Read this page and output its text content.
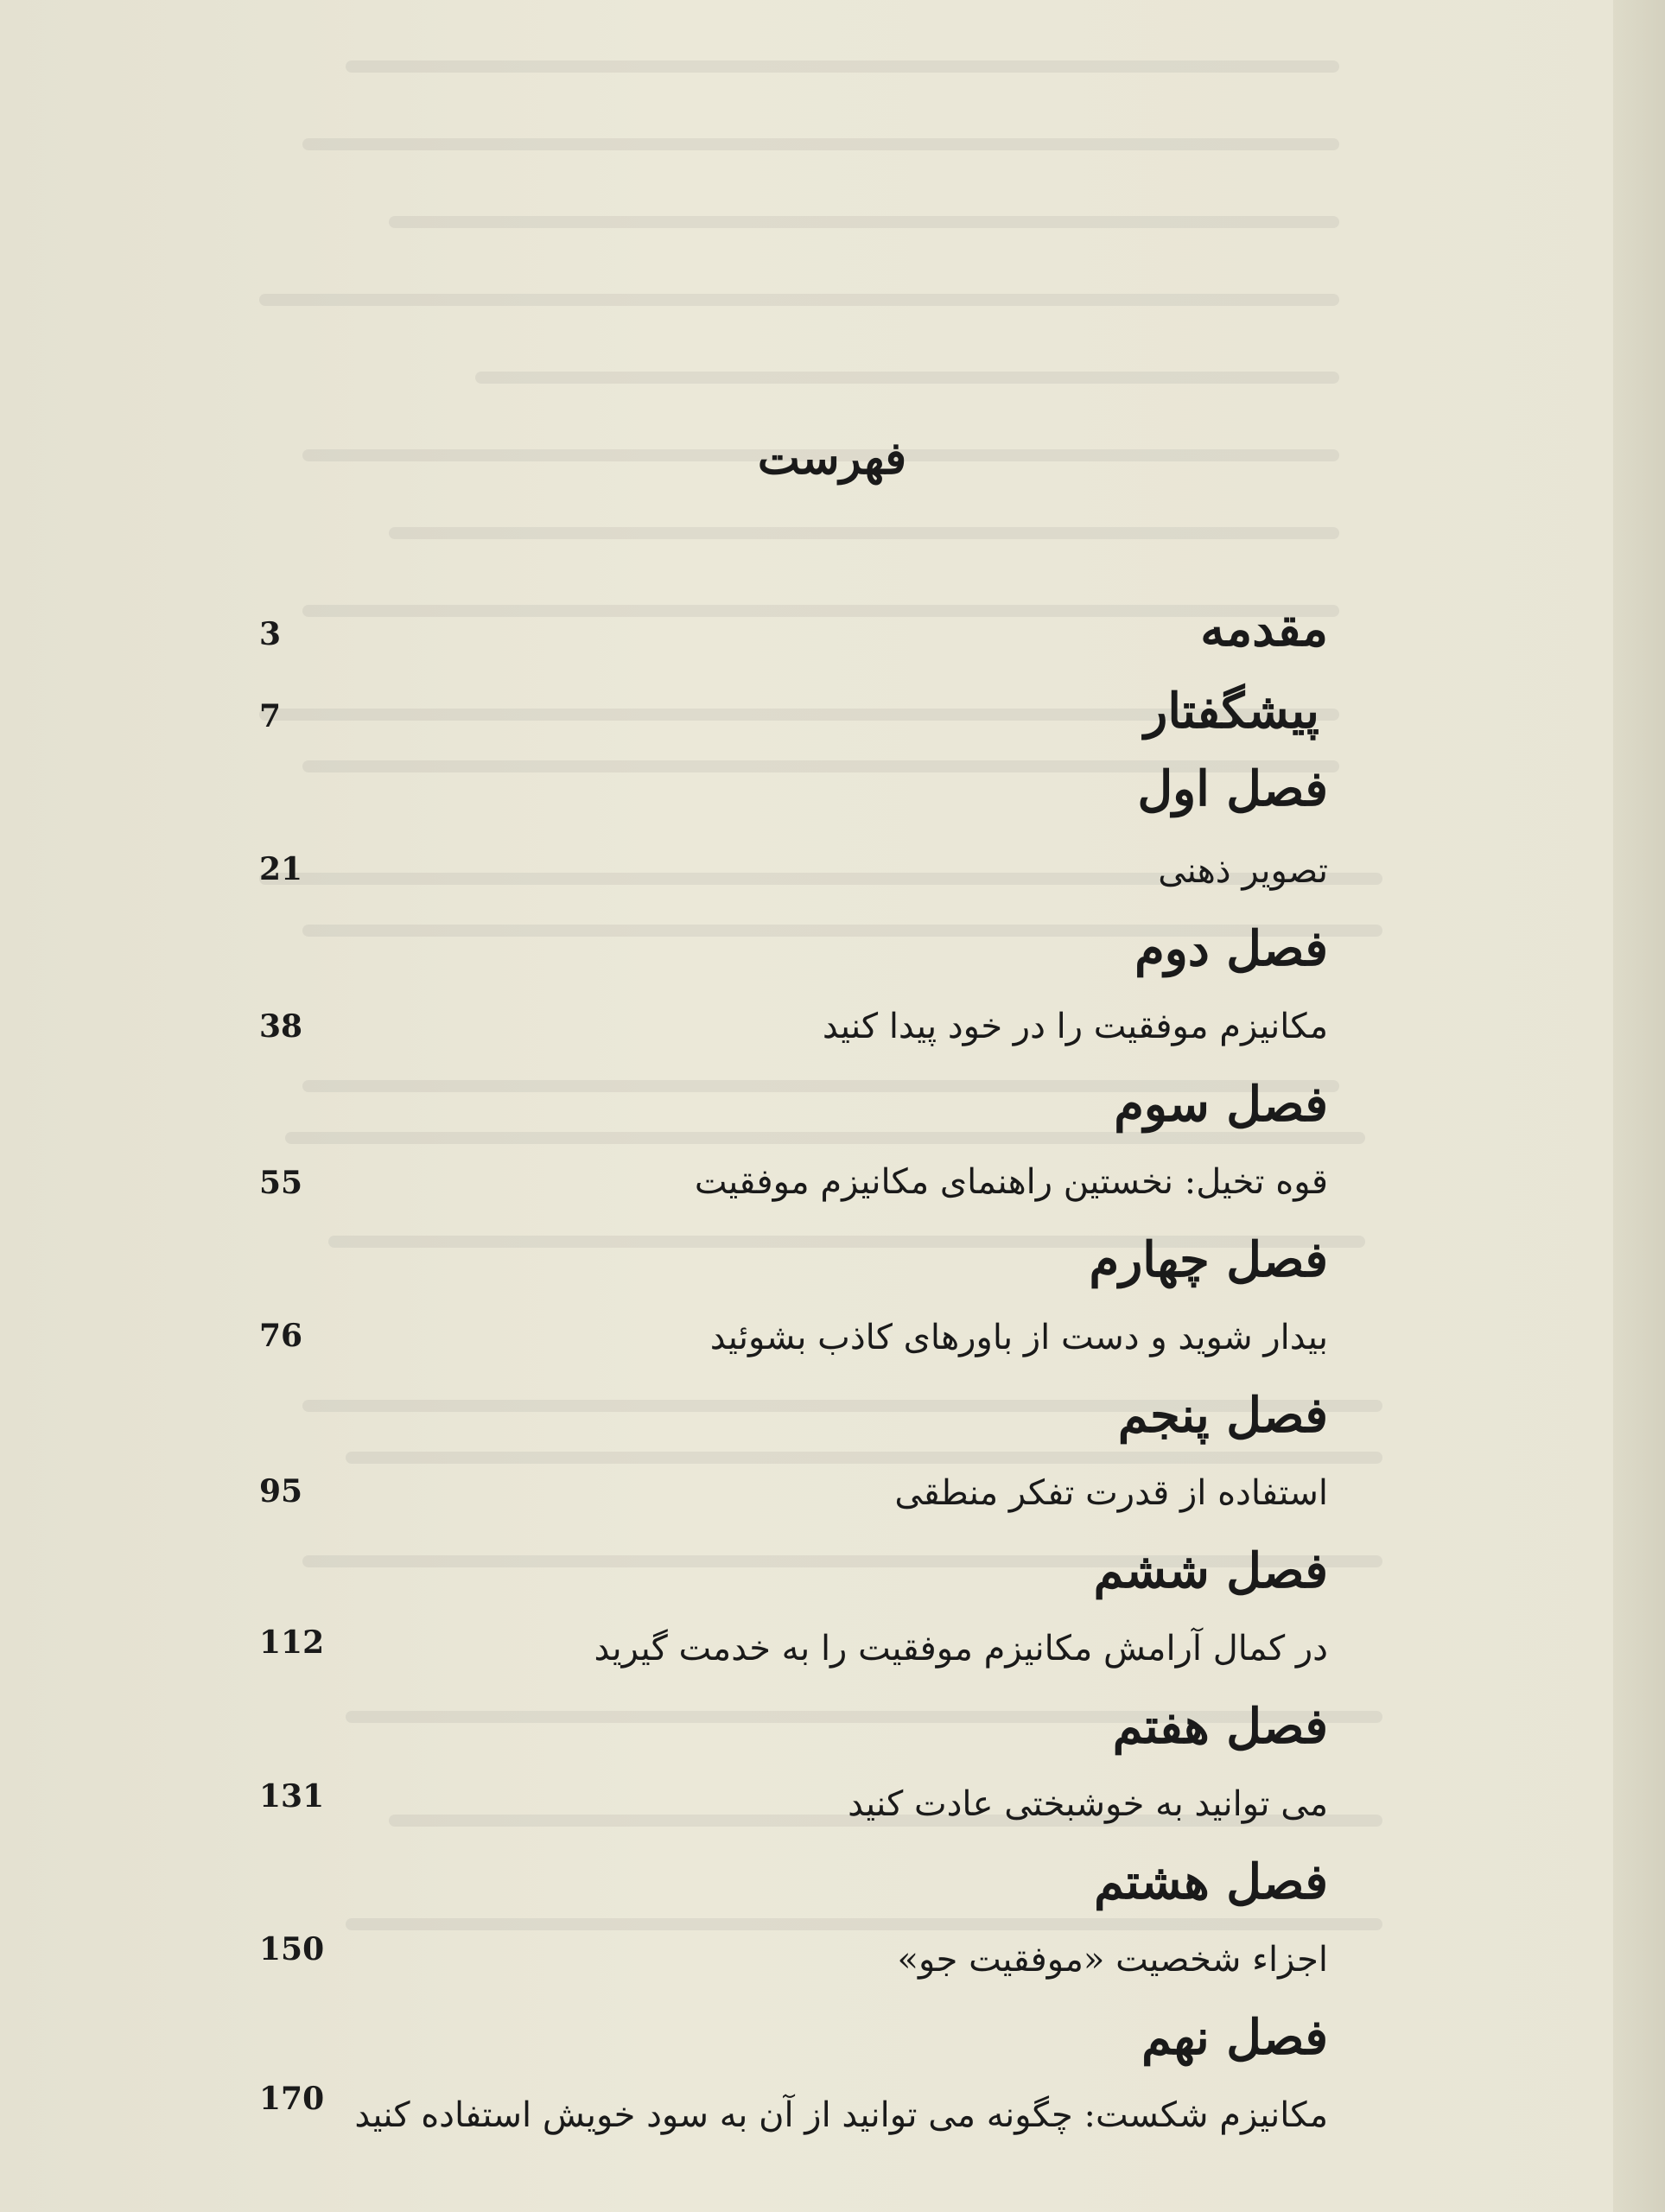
فهرست
مقدمه
3
پیشگفتار
7
فصل اول
تصویر ذهنی
21
فصل دوم
مکانیزم موفقیت را در خود پیدا کنید
38
فصل سوم
قوه تخیل: نخستین راهنمای مکانیزم موفقیت
55
فصل چهارم
بیدار شوید و دست از باورهای کاذب بشوئید
76
فصل پنجم
استفاده از قدرت تفکر منطقی
95
فصل ششم
در کمال آرامش مکانیزم موفقیت را به خدمت گیرید
112
فصل هفتم
می توانید به خوشبختی عادت کنید
131
فصل هشتم
اجزاء شخصیت «موفقیت جو»
150
فصل نهم
مکانیزم شکست: چگونه می توانید از آن به سود خویش استفاده کنید
170
